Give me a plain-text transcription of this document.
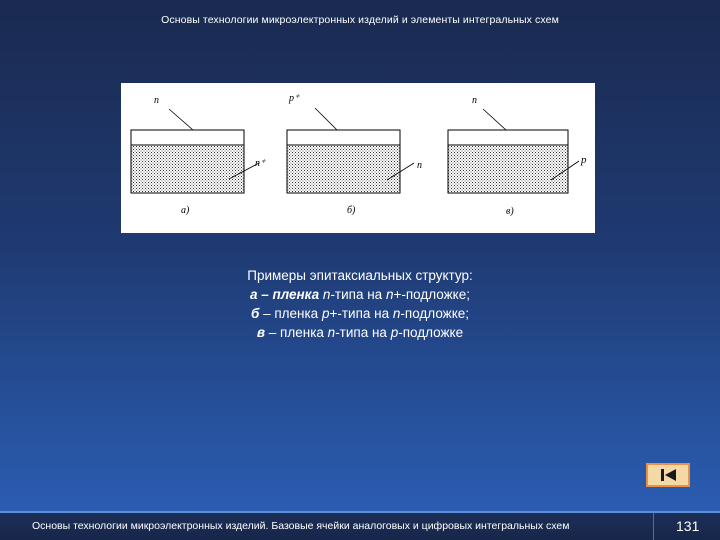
Основы технологии микроэлектронных изделий и элементы интегральных схем
n
n⁺
а)
p⁺
n
б)
n
p
в)
Примеры эпитаксиальных структур:
а – пленка n-типа на n+-подложке;
б – пленка p+-типа на n-подложке;
в – пленка n-типа на p-подложке
Основы технологии микроэлектронных изделий. Базовые ячейки аналоговых и цифровых интегральных схем	131
